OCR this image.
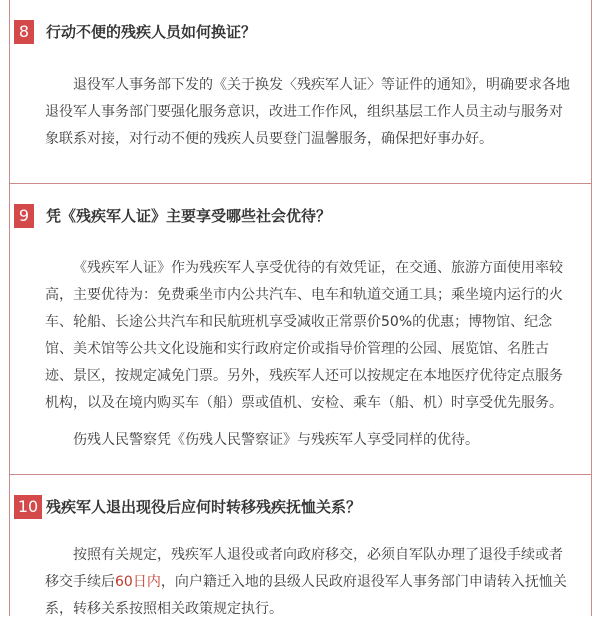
8	行动不便的残疾人员如何换证？

退役军人事务部下发的《关于换发〈残疾军人证〉等证件的通知》，明确要求各地退役军人事务部门要强化服务意识，改进工作作风，组织基层工作人员主动与服务对象联系对接，对行动不便的残疾人员要登门温馨服务，确保把好事办好。

9	凭《残疾军人证》主要享受哪些社会优待？

《残疾军人证》作为残疾军人享受优待的有效凭证，在交通、旅游方面使用率较高，主要优待为：免费乘坐市内公共汽车、电车和轨道交通工具；乘坐境内运行的火车、轮船、长途公共汽车和民航班机享受减收正常票价50%的优惠；博物馆、纪念馆、美术馆等公共文化设施和实行政府定价或指导价管理的公园、展览馆、名胜古迹、景区，按规定减免门票。另外，残疾军人还可以按规定在本地医疗优待定点服务机构，以及在境内购买车（船）票或值机、安检、乘车（船、机）时享受优先服务。

伤残人民警察凭《伤残人民警察证》与残疾军人享受同样的优待。

10 残疾军人退出现役后应何时转移残疾抚恤关系？

按照有关规定，残疾军人退役或者向政府移交，必须自军队办理了退役手续或者移交手续后60日内，向户籍迁入地的县级人民政府退役军人事务部门申请转入抚恤关系，转移关系按照相关政策规定执行。
